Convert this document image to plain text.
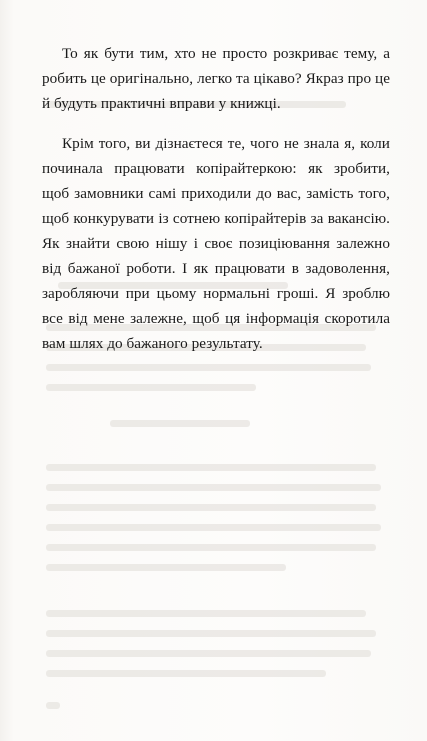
То як бути тим, хто не просто розкриває тему, а робить це оригінально, легко та цікаво? Якраз про це й будуть практичні вправи у книжці.

Крім того, ви дізнаєтеся те, чого не знала я, коли починала працювати копірайтеркою: як зробити, щоб замовники самі приходили до вас, замість того, щоб конкурувати із сотнею копірайтерів за вакансію. Як знайти свою нішу і своє позиціювання залежно від бажаної роботи. І як працювати в задоволення, заробляючи при цьому нормальні гроші. Я зроблю все від мене залежне, щоб ця інформація скоротила вам шлях до бажаного результату.
